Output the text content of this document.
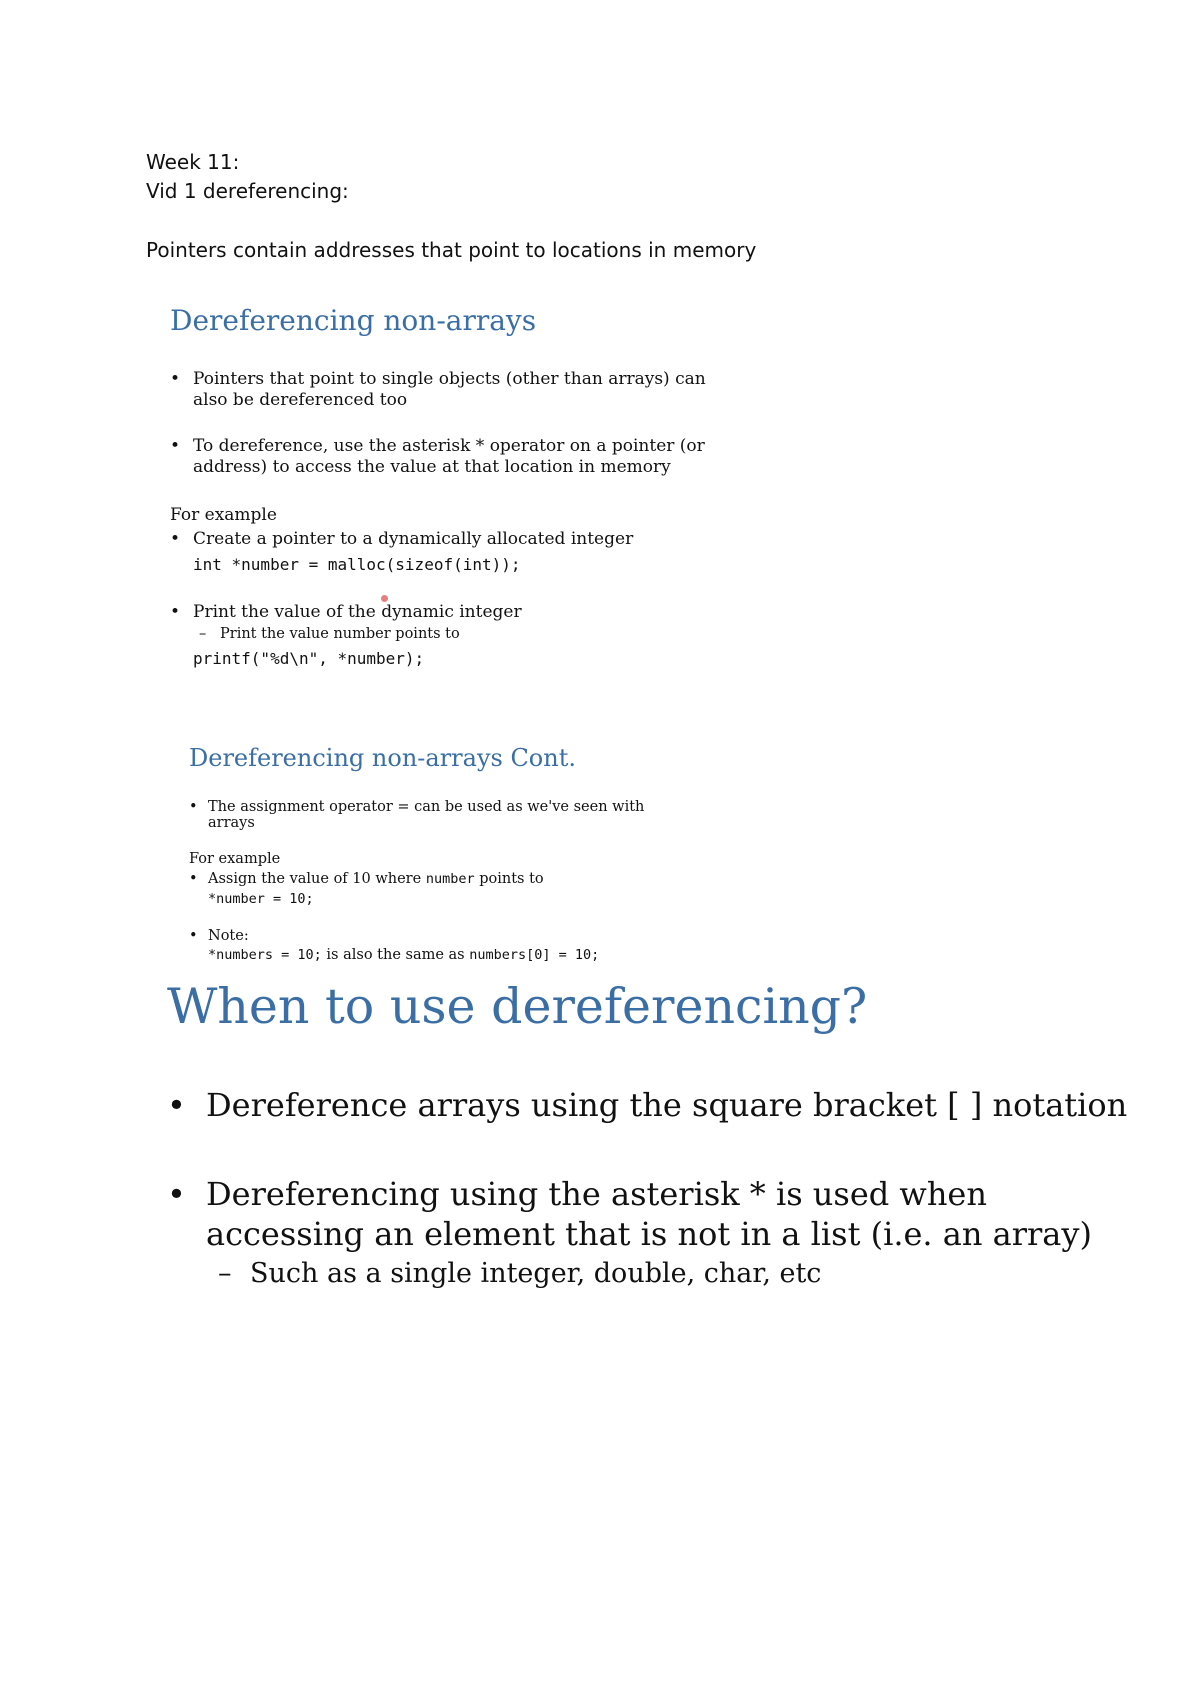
Week 11:
Vid 1 dereferencing:
Pointers contain addresses that point to locations in memory
Dereferencing non-arrays
• Pointers that point to single objects (other than arrays) can
also be dereferenced too
• To dereference, use the asterisk * operator on a pointer (or
address) to access the value at that location in memory
For example
• Create a pointer to a dynamically allocated integer
int *number = malloc(sizeof(int));
• Print the value of the dynamic integer
– Print the value number points to
printf("%d\n", *number);
Dereferencing non-arrays Cont.
• The assignment operator = can be used as we've seen with
arrays
For example
• Assign the value of 10 where number points to
*number = 10;
• Note:
*numbers = 10; is also the same as numbers[0] = 10;
When to use dereferencing?
• Dereference arrays using the square bracket [ ] notation
• Dereferencing using the asterisk * is used when
accessing an element that is not in a list (i.e. an array)
– Such as a single integer, double, char, etc
